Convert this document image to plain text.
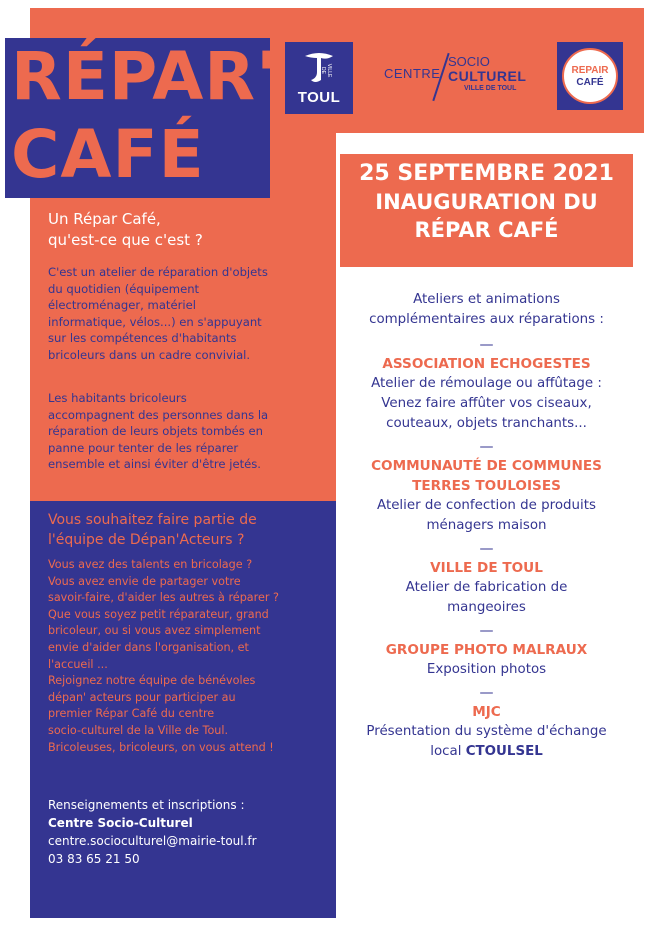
RÉPAR'
CAFÉ
VILLE DE
TOUL
CENTRE
SOCIO
CULTUREL
VILLE DE TOUL
REPAIR
CAFÉ
Un Répar Café,
qu'est-ce que c'est ?
C'est un atelier de réparation d'objets
du quotidien (équipement
électroménager, matériel
informatique, vélos...) en s'appuyant
sur les compétences d'habitants
bricoleurs dans un cadre convivial.
Les habitants bricoleurs
accompagnent des personnes dans la
réparation de leurs objets tombés en
panne pour tenter de les réparer
ensemble et ainsi éviter d'être jetés.
Vous souhaitez faire partie de
l'équipe de Dépan'Acteurs ?
Vous avez des talents en bricolage ?
Vous avez envie de partager votre
savoir-faire, d'aider les autres à réparer ?
Que vous soyez petit réparateur, grand
bricoleur, ou si vous avez simplement
envie d'aider dans l'organisation, et
l'accueil ...
Rejoignez notre équipe de bénévoles
dépan' acteurs pour participer au
premier Répar Café du centre
socio-culturel de la Ville de Toul.
Bricoleuses, bricoleurs, on vous attend !
Renseignements et inscriptions :
Centre Socio-Culturel
centre.socioculturel@mairie-toul.fr
03 83 65 21 50
25 SEPTEMBRE 2021
INAUGURATION DU
RÉPAR CAFÉ
Ateliers et animations
complémentaires aux réparations :
—
ASSOCIATION ECHOGESTES
Atelier de rémoulage ou affûtage :
Venez faire affûter vos ciseaux,
couteaux, objets tranchants...
—
COMMUNAUTÉ DE COMMUNES
TERRES TOULOISES
Atelier de confection de produits
ménagers maison
—
VILLE DE TOUL
Atelier de fabrication de
mangeoires
—
GROUPE PHOTO MALRAUX
Exposition photos
—
MJC
Présentation du système d'échange
local CTOULSEL
